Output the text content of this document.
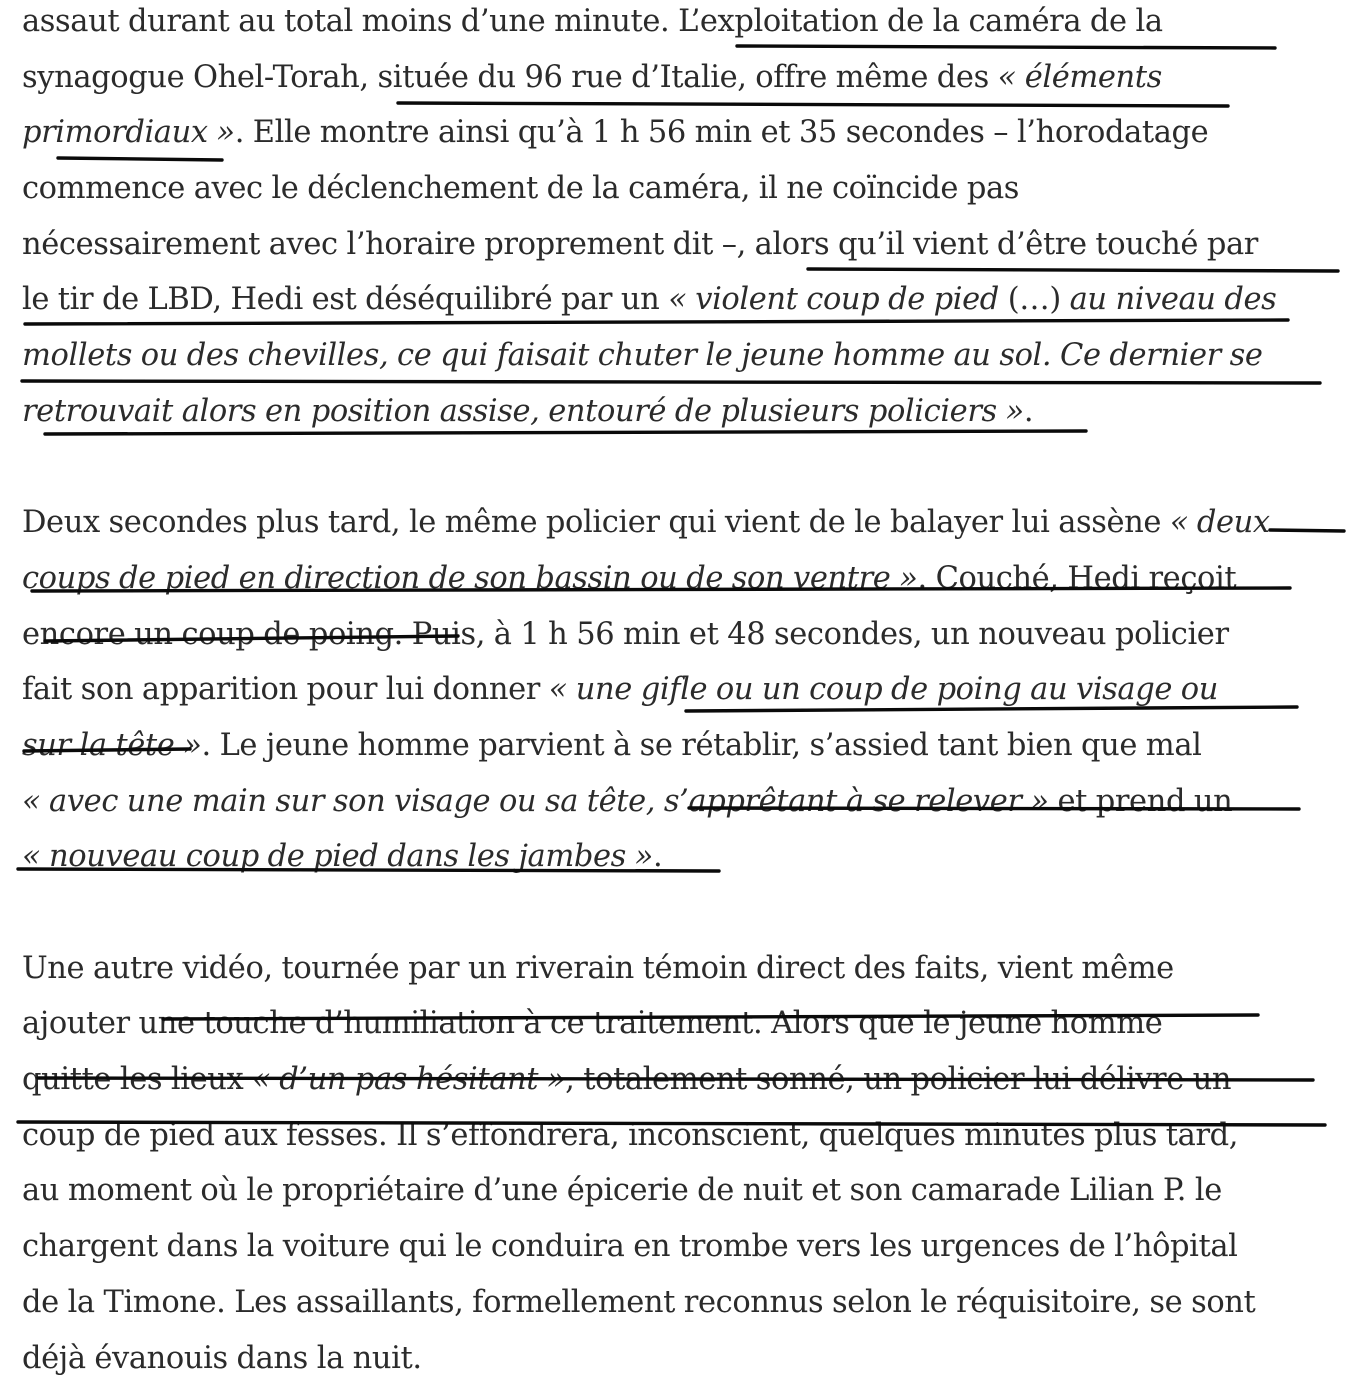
assaut durant au total moins d’une minute. L’exploitation de la caméra de la
synagogue Ohel-Torah, située du 96 rue d’Italie, offre même des « éléments
primordiaux ». Elle montre ainsi qu’à 1 h 56 min et 35 secondes – l’horodatage
commence avec le déclenchement de la caméra, il ne coïncide pas
nécessairement avec l’horaire proprement dit –, alors qu’il vient d’être touché par
le tir de LBD, Hedi est déséquilibré par un « violent coup de pied (…) au niveau des
mollets ou des chevilles, ce qui faisait chuter le jeune homme au sol. Ce dernier se
retrouvait alors en position assise, entouré de plusieurs policiers ».
Deux secondes plus tard, le même policier qui vient de le balayer lui assène « deux
coups de pied en direction de son bassin ou de son ventre ». Couché, Hedi reçoit
encore un coup de poing. Puis, à 1 h 56 min et 48 secondes, un nouveau policier
fait son apparition pour lui donner « une gifle ou un coup de poing au visage ou
sur la tête ». Le jeune homme parvient à se rétablir, s’assied tant bien que mal
« avec une main sur son visage ou sa tête, s’apprêtant à se relever » et prend un
« nouveau coup de pied dans les jambes ».
Une autre vidéo, tournée par un riverain témoin direct des faits, vient même
ajouter une touche d’humiliation à ce traitement. Alors que le jeune homme
quitte les lieux « d’un pas hésitant », totalement sonné, un policier lui délivre un
coup de pied aux fesses. Il s’effondrera, inconscient, quelques minutes plus tard,
au moment où le propriétaire d’une épicerie de nuit et son camarade Lilian P. le
chargent dans la voiture qui le conduira en trombe vers les urgences de l’hôpital
de la Timone. Les assaillants, formellement reconnus selon le réquisitoire, se sont
déjà évanouis dans la nuit.
